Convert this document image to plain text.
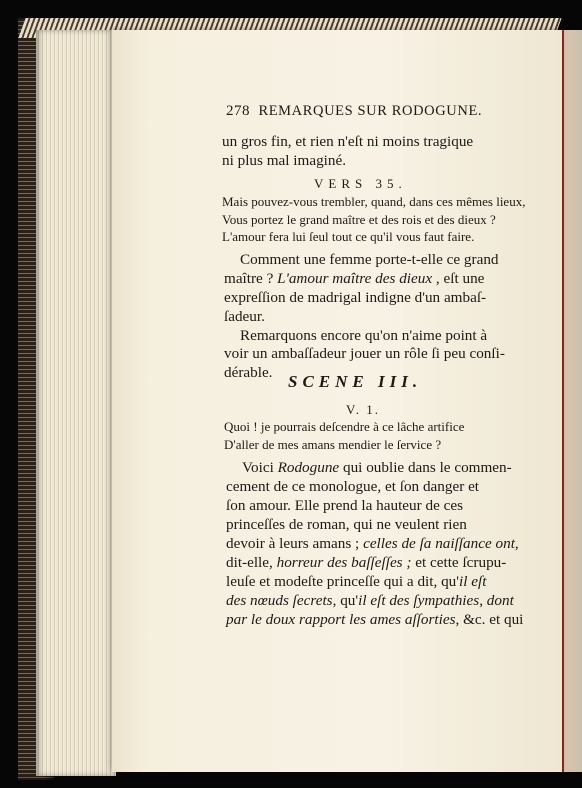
278 REMARQUES SUR RODOGUNE.
un gros fin, et rien n'eſt ni moins tragique
ni plus mal imaginé.
VERS 35.
Mais pouvez-vous trembler, quand, dans ces mêmes lieux,
Vous portez le grand maître et des rois et des dieux ?
L'amour fera lui ſeul tout ce qu'il vous faut faire.
Comment une femme porte-t-elle ce grand
maître ? L'amour maître des dieux , eſt une
expreſſion de madrigal indigne d'un ambaſ-
ſadeur.
Remarquons encore qu'on n'aime point à
voir un ambaſſadeur jouer un rôle ſi peu conſi-
dérable. SCENE III.
V. 1.
Quoi ! je pourrais deſcendre à ce lâche artifice
D'aller de mes amans mendier le ſervice ?
Voici Rodogune qui oublie dans le commen-
cement de ce monologue, et ſon danger et
ſon amour. Elle prend la hauteur de ces
princeſſes de roman, qui ne veulent rien
devoir à leurs amans ; celles de ſa naiſſance ont,
dit-elle, horreur des baſſeſſes ; et cette ſcrupu-
leuſe et modeſte princeſſe qui a dit, qu'il eſt
des nœuds ſecrets, qu'il eſt des ſympathies, dont
par le doux rapport les ames aſſorties, &c. et qui
